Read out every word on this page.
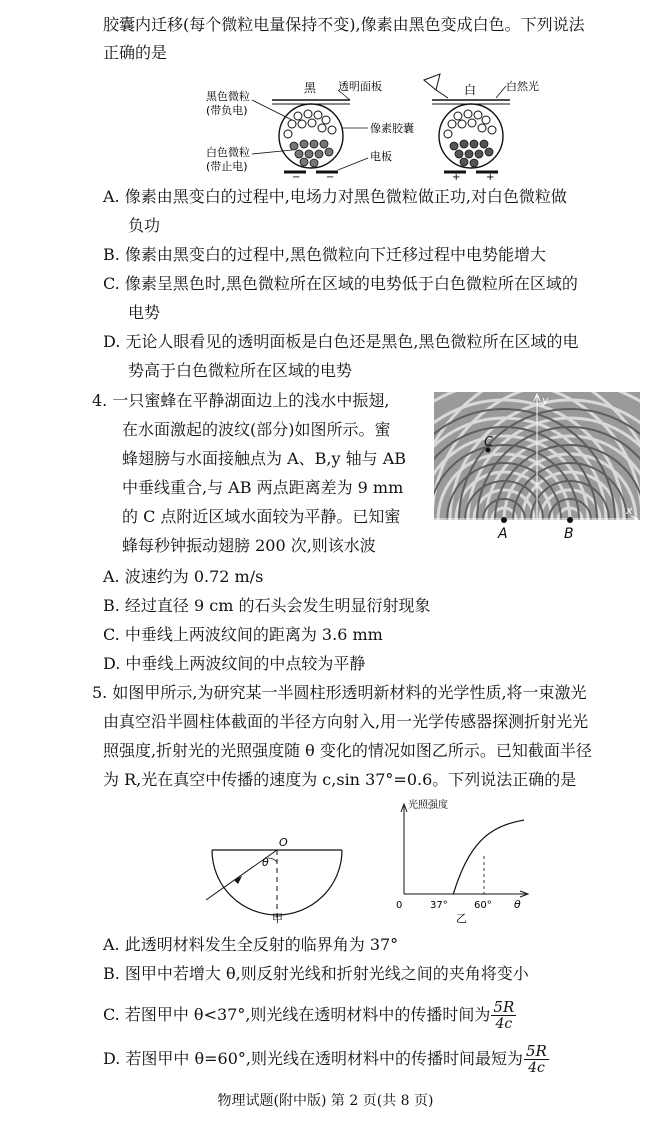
胶囊内迁移(每个微粒电量保持不变),像素由黑色变成白色。下列说法
正确的是
黑	白
透明面板	白然光
黑色微粒
(带负电)
白色微粒
(带止电)
像素胶囊
电板
−	−	+	+
A. 像素由黑变白的过程中,电场力对黑色微粒做正功,对白色微粒做
负功
B. 像素由黑变白的过程中,黑色微粒向下迁移过程中电势能增大
C. 像素呈黑色时,黑色微粒所在区域的电势低于白色微粒所在区域的
电势
D. 无论人眼看见的透明面板是白色还是黑色,黑色微粒所在区域的电
势高于白色微粒所在区域的电势
4. 一只蜜蜂在平静湖面边上的浅水中振翅,
在水面激起的波纹(部分)如图所示。蜜
蜂翅膀与水面接触点为 A、B,y 轴与 AB
中垂线重合,与 AB 两点距离差为 9 mm
的 C 点附近区域水面较为平静。已知蜜
蜂每秒钟振动翅膀 200 次,则该水波
y
x
C
A	B
A. 波速约为 0.72 m/s
B. 经过直径 9 cm 的石头会发生明显衍射现象
C. 中垂线上两波纹间的距离为 3.6 mm
D. 中垂线上两波纹间的中点较为平静
5. 如图甲所示,为研究某一半圆柱形透明新材料的光学性质,将一束激光
由真空沿半圆柱体截面的半径方向射入,用一光学传感器探测折射光光
照强度,折射光的光照强度随 θ 变化的情况如图乙所示。已知截面半径
为 R,光在真空中传播的速度为 c,sin 37°=0.6。下列说法正确的是
O
θ
甲
光照强度
0	37°	60° θ
乙
A. 此透明材料发生全反射的临界角为 37°
B. 图甲中若增大 θ,则反射光线和折射光线之间的夹角将变小
C. 若图甲中 θ<37°,则光线在透明材料中的传播时间为 $\frac{5R}{4c}$
D. 若图甲中 θ=60°,则光线在透明材料中的传播时间最短为 $\frac{5R}{4c}$
物理试题(附中版) 第 2 页(共 8 页)
